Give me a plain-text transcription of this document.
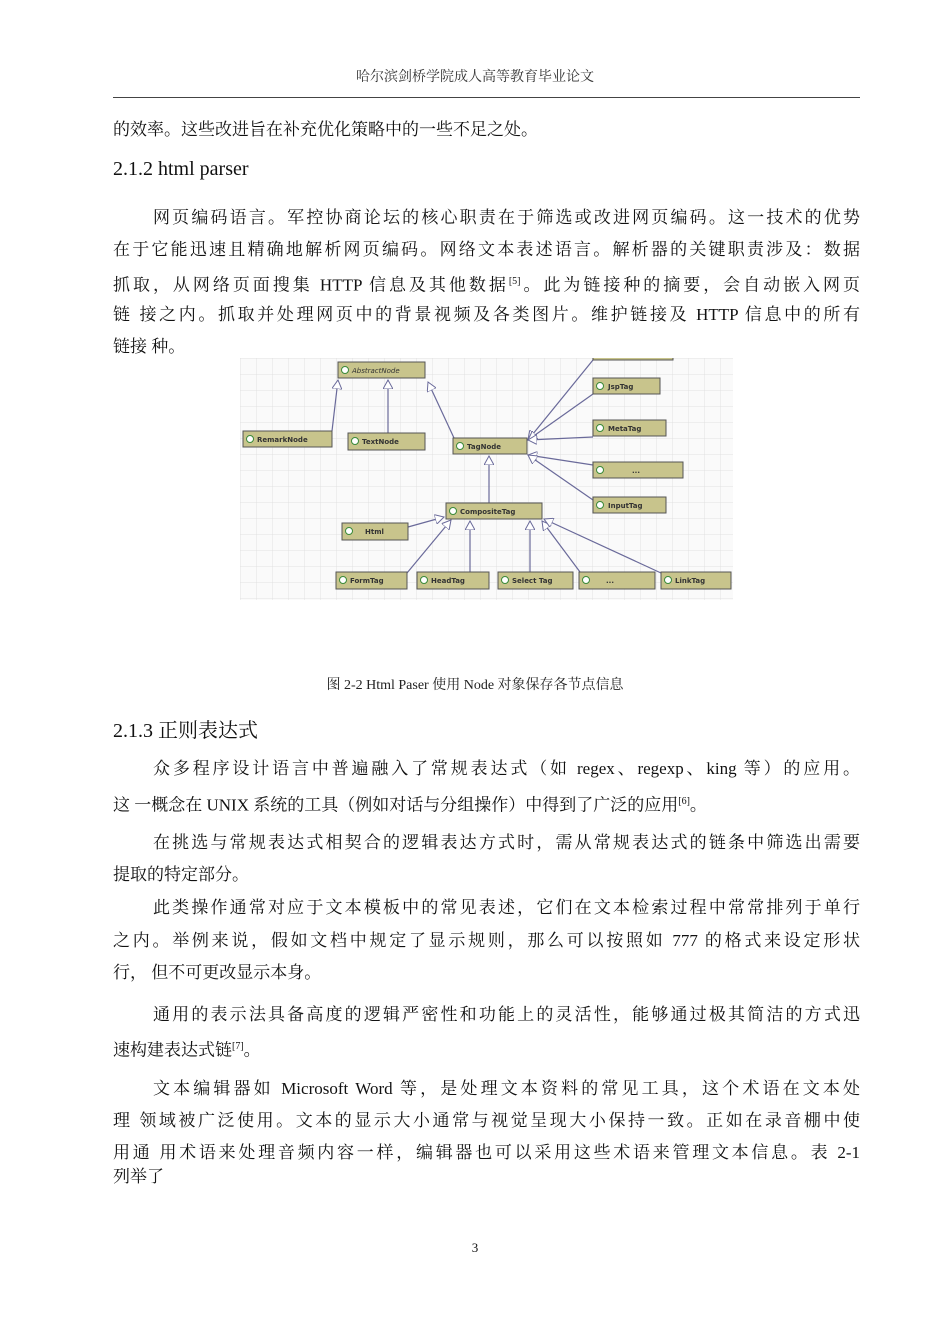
哈尔滨剑桥学院成人高等教育毕业论文
的效率。这些改进旨在补充优化策略中的一些不足之处。
2.1.2 html parser
网页编码语言。军控协商论坛的核心职责在于筛选或改进网页编码。这一技术的优势
在于它能迅速且精确地解析网页编码。网络文本表述语言。解析器的关键职责涉及：数据
抓取，从网络页面搜集 HTTP 信息及其他数据[5]。此为链接种的摘要，会自动嵌入网页
链 接之内。抓取并处理网页中的背景视频及各类图片。维护链接及 HTTP 信息中的所有
链接 种。
AbstractNode
RemarkNode	TextNode
TagNode
JspTag
MetaTag
...
InputTag
CompositeTag
Html
FormTag	HeadTag	Select Tag	...	LinkTag
图 2-2 Html Paser 使用 Node 对象保存各节点信息
2.1.3 正则表达式
众多程序设计语言中普遍融入了常规表达式（如 regex、regexp、king 等）的应用。
这 一概念在 UNIX 系统的工具（例如对话与分组操作）中得到了广泛的应用[6]。
在挑选与常规表达式相契合的逻辑表达方式时，需从常规表达式的链条中筛选出需要
提取的特定部分。
此类操作通常对应于文本模板中的常见表述，它们在文本检索过程中常常排列于单行
之内。举例来说，假如文档中规定了显示规则，那么可以按照如 777 的格式来设定形状
行， 但不可更改显示本身。
通用的表示法具备高度的逻辑严密性和功能上的灵活性，能够通过极其简洁的方式迅
速构建表达式链[7]。
文本编辑器如 Microsoft Word 等，是处理文本资料的常见工具，这个术语在文本处
理 领域被广泛使用。文本的显示大小通常与视觉呈现大小保持一致。正如在录音棚中使
用通 用术语来处理音频内容一样，编辑器也可以采用这些术语来管理文本信息。表 2-1
列举了
3
